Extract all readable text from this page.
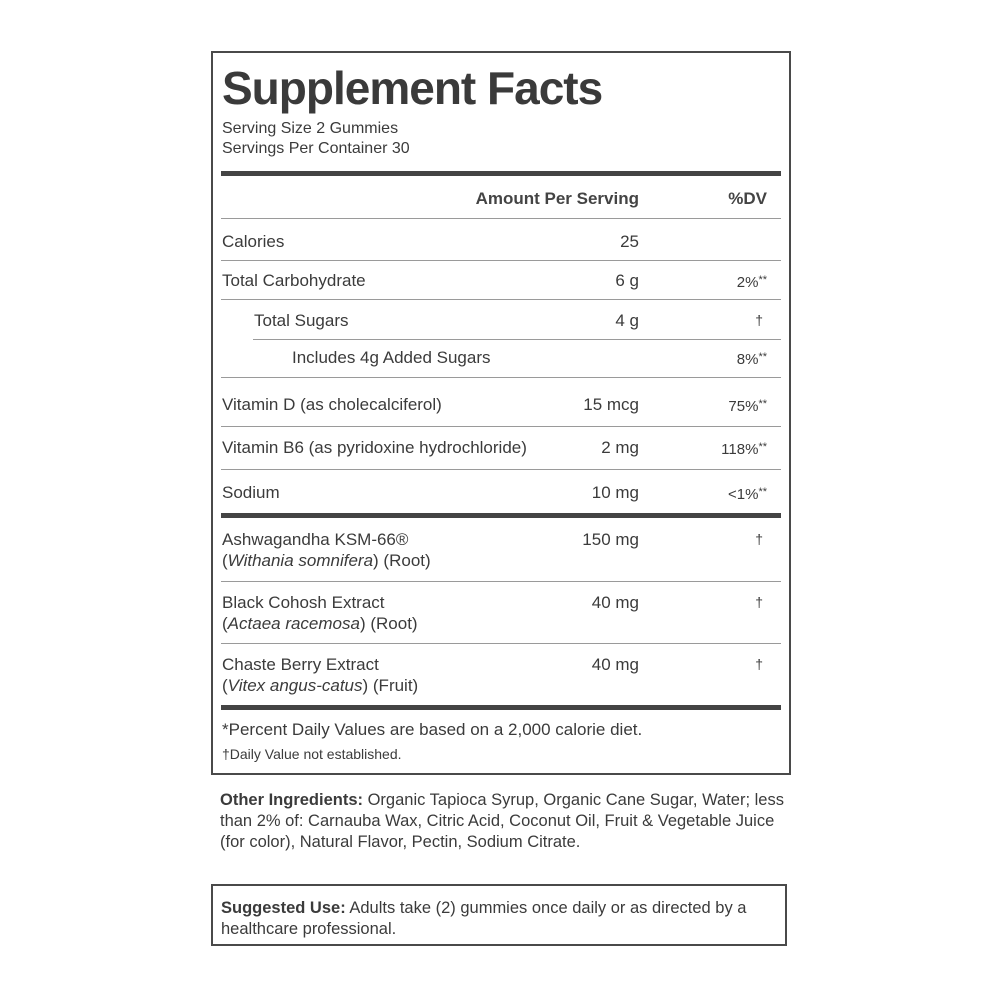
Supplement Facts
Serving Size 2 Gummies
Servings Per Container 30
Amount Per Serving	%DV
Calories	25
Total Carbohydrate	6 g	2%**
Total Sugars	4 g	†
Includes 4g Added Sugars	8%**
Vitamin D (as cholecalciferol)	15 mcg	75%**
Vitamin B6 (as pyridoxine hydrochloride)	2 mg	118%**
Sodium	10 mg	<1%**
Ashwagandha KSM-66®
(Withania somnifera) (Root)
150 mg	†
Black Cohosh Extract
(Actaea racemosa) (Root)
40 mg	†
Chaste Berry Extract
(Vitex angus-catus) (Fruit)
40 mg	†
*Percent Daily Values are based on a 2,000 calorie diet.
†Daily Value not established.
Other Ingredients: Organic Tapioca Syrup, Organic Cane Sugar, Water; less than 2% of: Carnauba Wax, Citric Acid, Coconut Oil, Fruit & Vegetable Juice (for color), Natural Flavor, Pectin, Sodium Citrate.
Suggested Use: Adults take (2) gummies once daily or as directed by a healthcare professional.
